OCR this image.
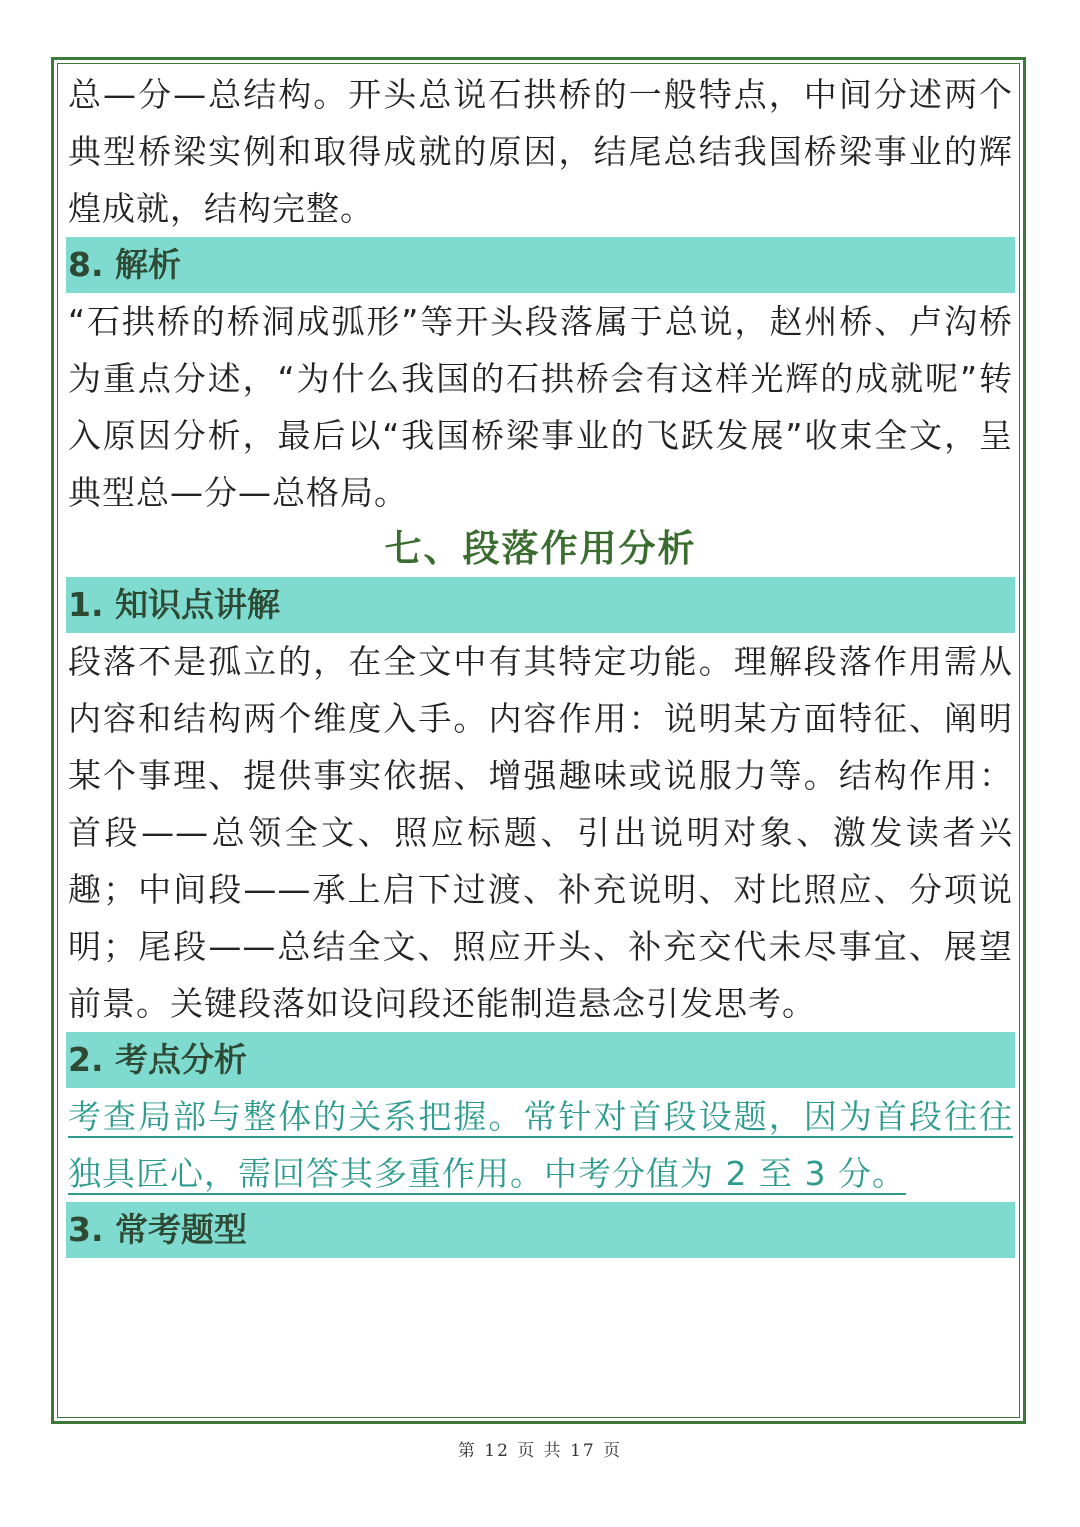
总—分—总结构。开头总说石拱桥的一般特点，中间分述两个典型桥梁实例和取得成就的原因，结尾总结我国桥梁事业的辉煌成就，结构完整。

8. 解析

“石拱桥的桥洞成弧形”等开头段落属于总说，赵州桥、卢沟桥为重点分述，“为什么我国的石拱桥会有这样光辉的成就呢”转入原因分析，最后以“我国桥梁事业的飞跃发展”收束全文，呈典型总—分—总格局。

七、段落作用分析
1. 知识点讲解

段落不是孤立的，在全文中有其特定功能。理解段落作用需从内容和结构两个维度入手。内容作用：说明某方面特征、阐明某个事理、提供事实依据、增强趣味或说服力等。结构作用：首段——总领全文、照应标题、引出说明对象、激发读者兴趣；中间段——承上启下过渡、补充说明、对比照应、分项说明；尾段——总结全文、照应开头、补充交代未尽事宜、展望前景。关键段落如设问段还能制造悬念引发思考。

2. 考点分析

考查局部与整体的关系把握。常针对首段设题，因为首段往往独具匠心，需回答其多重作用。中考分值为 2 至 3 分。

3. 常考题型
第 12 页 共 17 页
